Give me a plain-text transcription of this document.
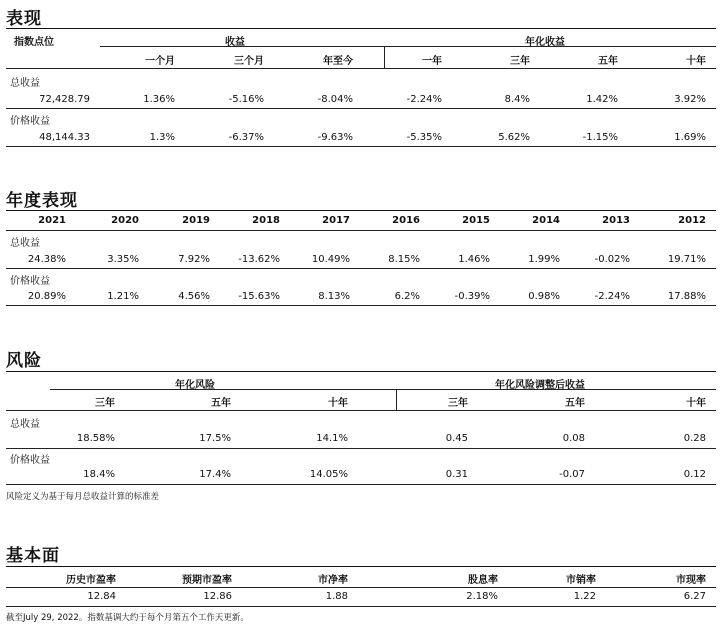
表现
指数点位	收益	年化收益
一个月	三个月	年至今	一年	三年	五年	十年
总收益
72,428.79	1.36%	-5.16%	-8.04%	-2.24%	8.4%	1.42%	3.92%
价格收益
48,144.33	1.3%	-6.37%	-9.63%	-5.35%	5.62%	-1.15%	1.69%
年度表现
2021	2020	2019	2018	2017	2016	2015	2014	2013	2012
总收益
24.38%	3.35%	7.92%	-13.62%	10.49%	8.15%	1.46%	1.99%	-0.02%	19.71%
价格收益
20.89%	1.21%	4.56%	-15.63%	8.13%	6.2%	-0.39%	0.98%	-2.24%	17.88%
风险
年化风险	年化风险调整后收益
三年	五年	十年	三年	五年	十年
总收益
18.58%	17.5%	14.1%	0.45	0.08	0.28
价格收益
18.4%	17.4%	14.05%	0.31	-0.07	0.12
风险定义为基于每月总收益计算的标准差
基本面
历史市盈率	预期市盈率	市净率	股息率	市销率	市现率
12.84	12.86	1.88	2.18%	1.22	6.27
截至July 29, 2022。指数基调大约于每个月第五个工作天更新。
